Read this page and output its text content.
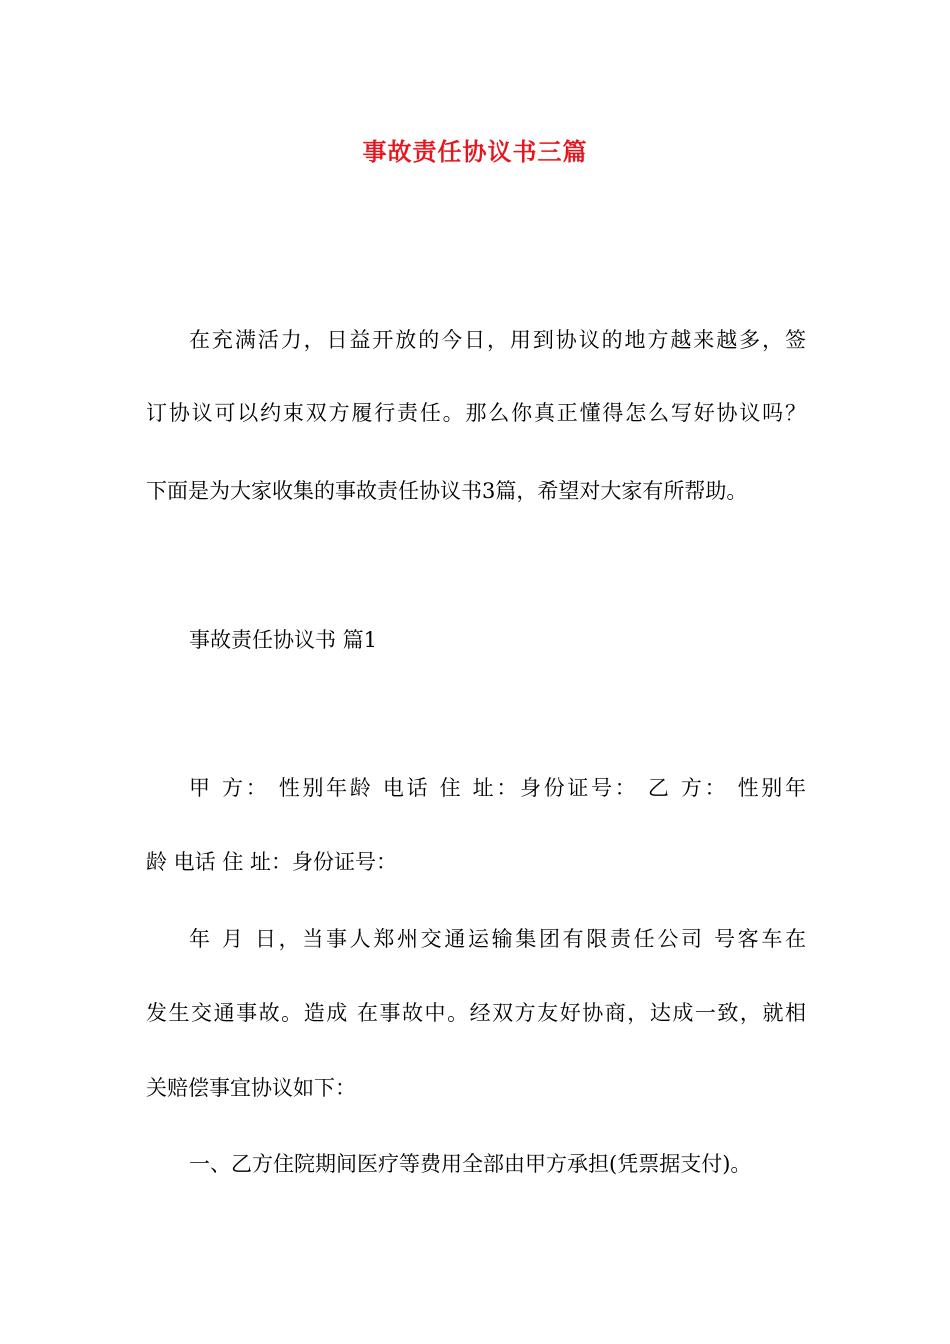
事故责任协议书三篇
在充满活力，日益开放的今日，用到协议的地方越来越多，签
订协议可以约束双方履行责任。那么你真正懂得怎么写好协议吗？
下面是为大家收集的事故责任协议书3篇，希望对大家有所帮助。
事故责任协议书 篇1
甲 方： 性别年龄 电话 住 址：身份证号： 乙 方： 性别年
龄 电话 住 址：身份证号：
年 月 日，当事人郑州交通运输集团有限责任公司 号客车在
发生交通事故。造成 在事故中。经双方友好协商，达成一致，就相
关赔偿事宜协议如下：
一、乙方住院期间医疗等费用全部由甲方承担(凭票据支付)。
